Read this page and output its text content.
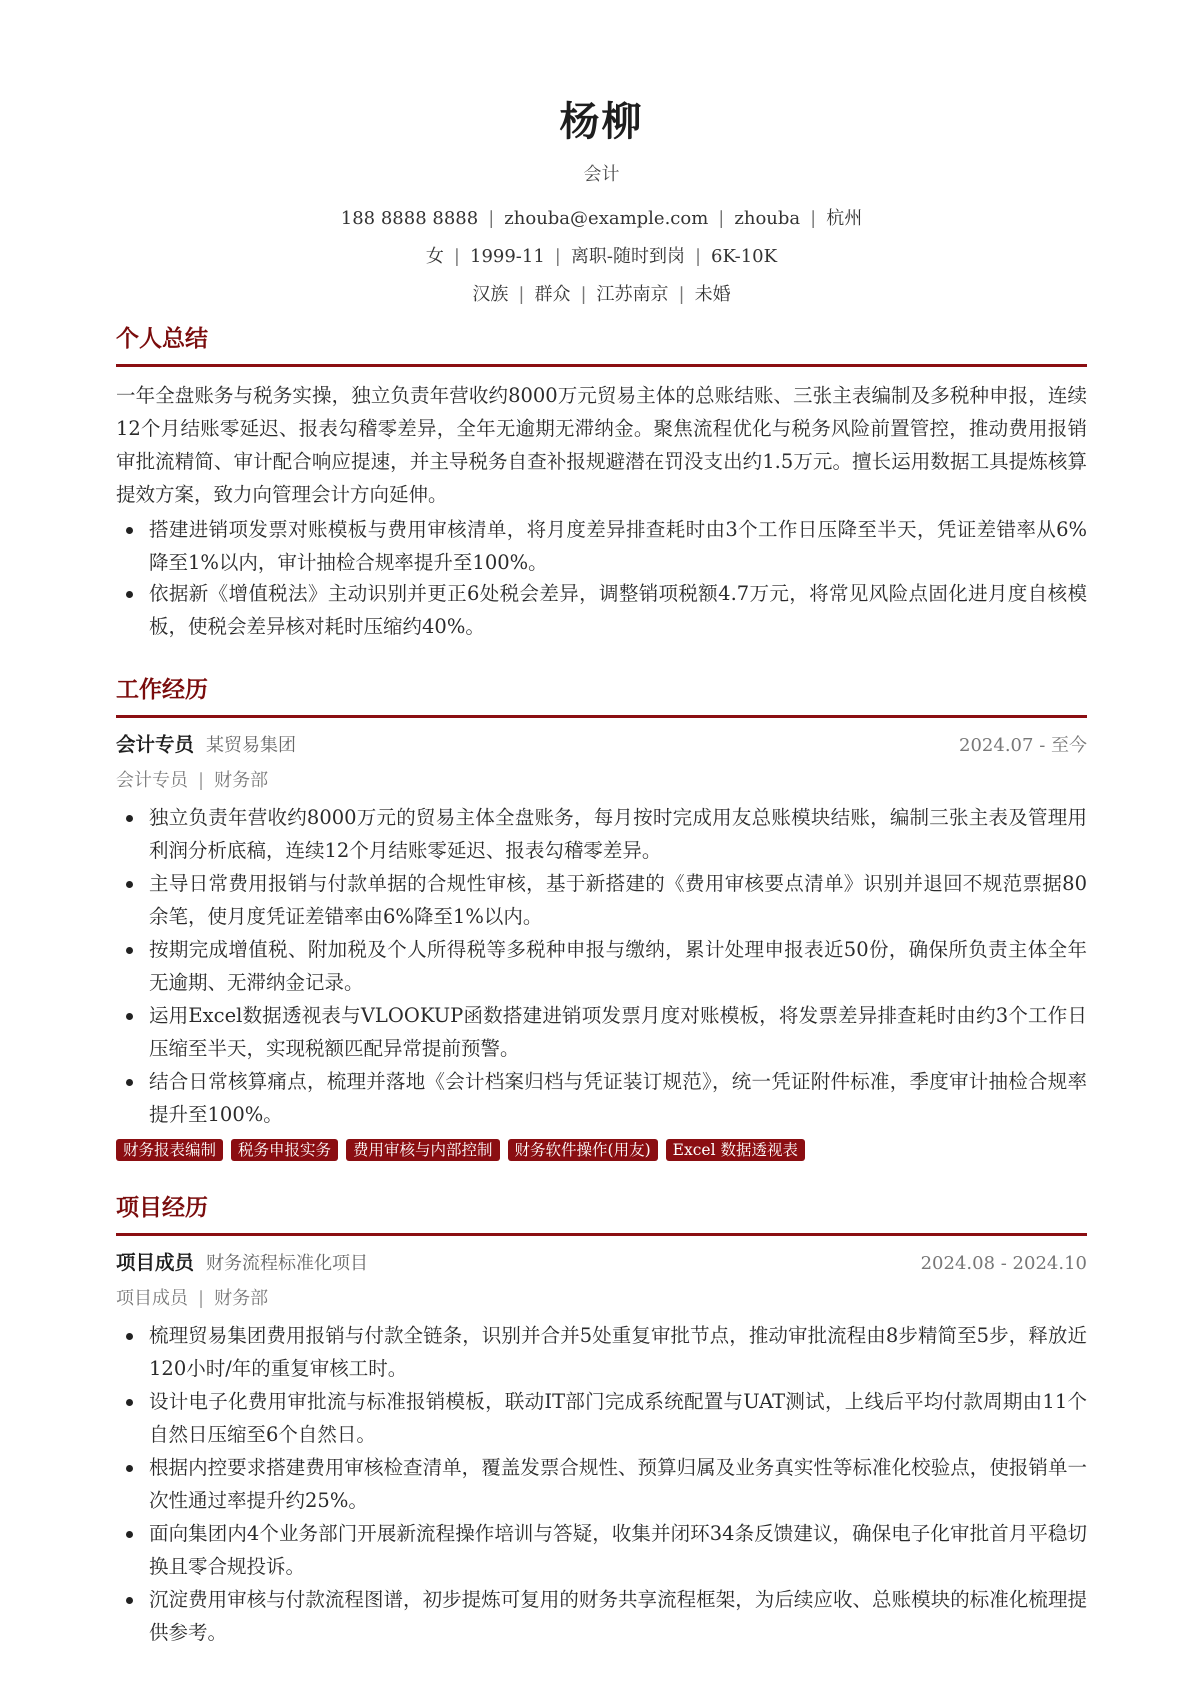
杨柳
会计
188 8888 8888 | zhouba@example.com | zhouba | 杭州
女 | 1999-11 | 离职-随时到岗 | 6K-10K
汉族 | 群众 | 江苏南京 | 未婚
个人总结

一年全盘账务与税务实操，独立负责年营收约8000万元贸易主体的总账结账、三张主表编制及多税种申报，连续12个月结账零延迟、报表勾稽零差异，全年无逾期无滞纳金。聚焦流程优化与税务风险前置管控，推动费用报销审批流精简、审计配合响应提速，并主导税务自查补报规避潜在罚没支出约1.5万元。擅长运用数据工具提炼核算提效方案，致力向管理会计方向延伸。

搭建进销项发票对账模板与费用审核清单，将月度差异排查耗时由3个工作日压降至半天，凭证差错率从6%降至1%以内，审计抽检合规率提升至100%。
依据新《增值税法》主动识别并更正6处税会差异，调整销项税额4.7万元，将常见风险点固化进月度自核模板，使税会差异核对耗时压缩约40%。
工作经历
会计专员 某贸易集团	2024.07 - 至今
会计专员 | 财务部
独立负责年营收约8000万元的贸易主体全盘账务，每月按时完成用友总账模块结账，编制三张主表及管理用利润分析底稿，连续12个月结账零延迟、报表勾稽零差异。
主导日常费用报销与付款单据的合规性审核，基于新搭建的《费用审核要点清单》识别并退回不规范票据80余笔，使月度凭证差错率由6%降至1%以内。
按期完成增值税、附加税及个人所得税等多税种申报与缴纳，累计处理申报表近50份，确保所负责主体全年无逾期、无滞纳金记录。
运用Excel数据透视表与VLOOKUP函数搭建进销项发票月度对账模板，将发票差异排查耗时由约3个工作日压缩至半天，实现税额匹配异常提前预警。
结合日常核算痛点，梳理并落地《会计档案归档与凭证装订规范》，统一凭证附件标准，季度审计抽检合规率提升至100%。
财务报表编制	税务申报实务	费用审核与内部控制	财务软件操作(用友)	Excel 数据透视表
项目经历
项目成员 财务流程标准化项目	2024.08 - 2024.10
项目成员 | 财务部
梳理贸易集团费用报销与付款全链条，识别并合并5处重复审批节点，推动审批流程由8步精简至5步，释放近120小时/年的重复审核工时。
设计电子化费用审批流与标准报销模板，联动IT部门完成系统配置与UAT测试，上线后平均付款周期由11个自然日压缩至6个自然日。
根据内控要求搭建费用审核检查清单，覆盖发票合规性、预算归属及业务真实性等标准化校验点，使报销单一次性通过率提升约25%。
面向集团内4个业务部门开展新流程操作培训与答疑，收集并闭环34条反馈建议，确保电子化审批首月平稳切换且零合规投诉。
沉淀费用审核与付款流程图谱，初步提炼可复用的财务共享流程框架，为后续应收、总账模块的标准化梳理提供参考。
